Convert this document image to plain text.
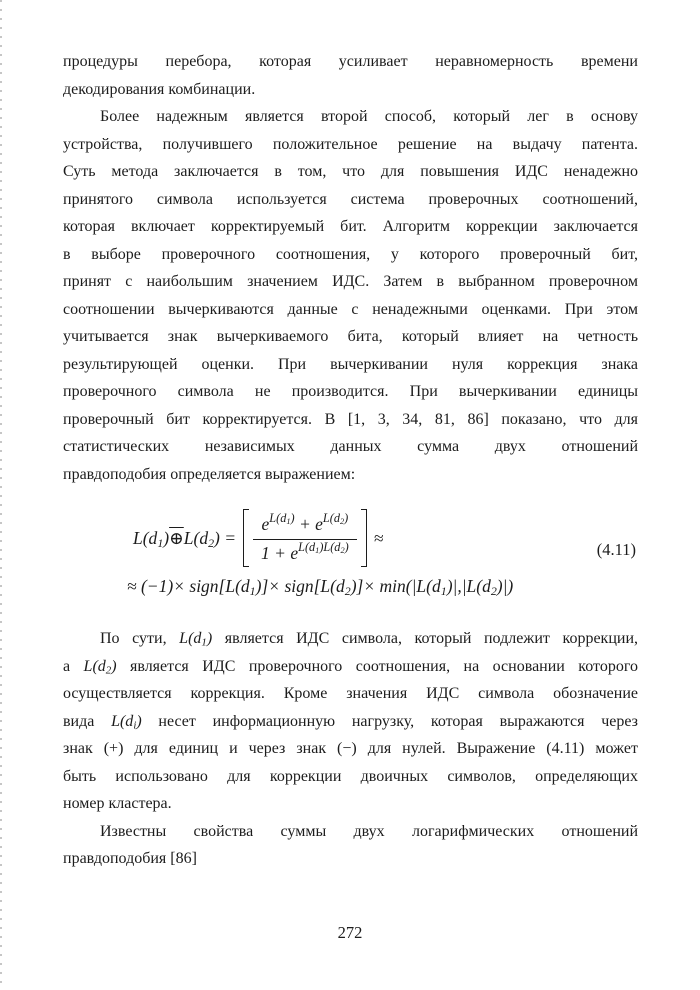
процедуры перебора, которая усиливает неравномерность времени
декодирования комбинации.
Более надежным является второй способ, который лег в основу
устройства, получившего положительное решение на выдачу патента.
Суть метода заключается в том, что для повышения ИДС ненадежно
принятого символа используется система проверочных соотношений,
которая включает корректируемый бит. Алгоритм коррекции заключается
в выборе проверочного соотношения, у которого проверочный бит,
принят с наибольшим значением ИДС. Затем в выбранном проверочном
соотношении вычеркиваются данные с ненадежными оценками. При этом
учитывается знак вычеркиваемого бита, который влияет на четность
результирующей оценки. При вычеркивании нуля коррекция знака
проверочного символа не производится. При вычеркивании единицы
проверочный бит корректируется. В [1, 3, 34, 81, 86] показано, что для
статистических независимых данных сумма двух отношений
правдоподобия определяется выражением:
$L(d_1)\oplus L(d_2) = \frac{e^{L(d_1)} + e^{L(d_2)}}{1 + e^{L(d_1)L(d_2)}}$ ≈
≈ $(-1)\times sign[L(d_1)]\times$ $sign[L(d_2)]\times \min(|L(d_1)|,|L(d_2)|)$
(4.11)
По сути, $L(d_1)$ является ИДС символа, который подлежит коррекции,
а $L(d_2)$ является ИДС проверочного соотношения, на основании которого
осуществляется коррекция. Кроме значения ИДС символа обозначение
вида $L(d_i)$ несет информационную нагрузку, которая выражаются через
знак (+) для единиц и через знак (−) для нулей. Выражение (4.11) может
быть использовано для коррекции двоичных символов, определяющих
номер кластера.
Известны свойства суммы двух логарифмических отношений
правдоподобия [86]
272
